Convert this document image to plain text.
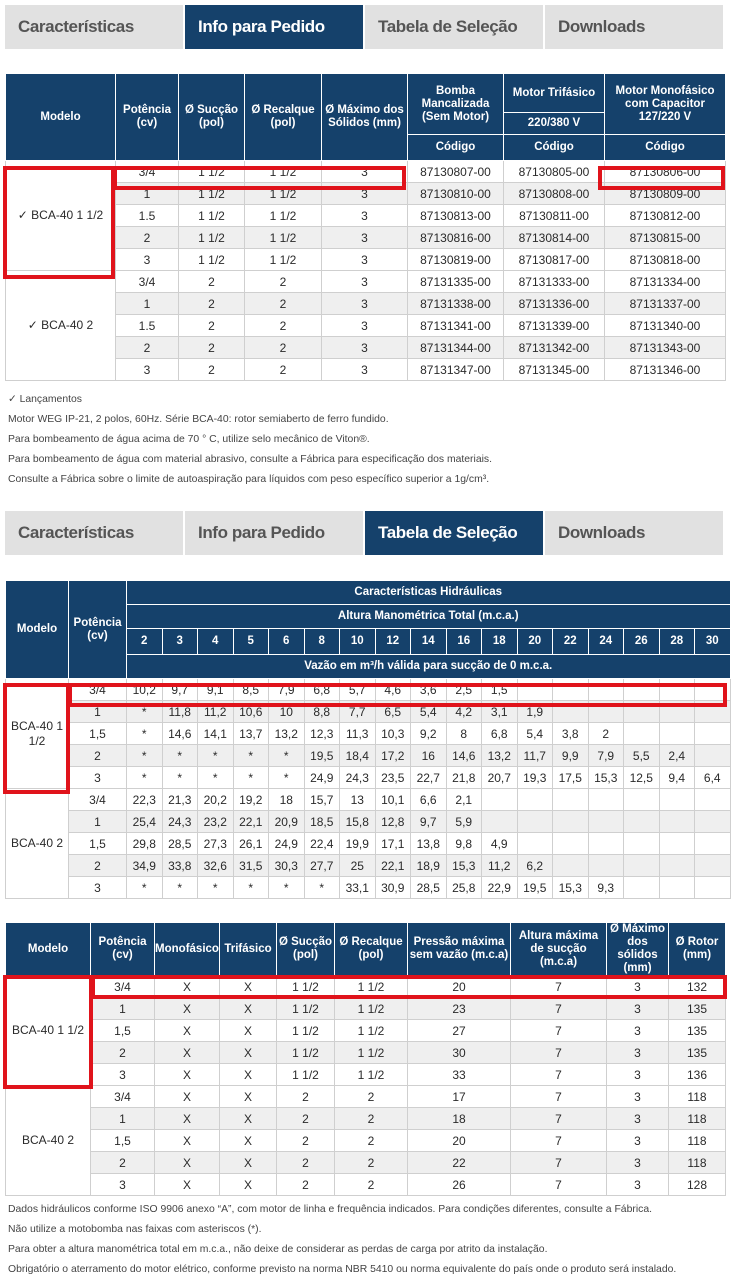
Características	Info para Pedido	Tabela de Seleção	Downloads
Modelo	Potência (cv)	Ø Sucção (pol)	Ø Recalque (pol)	Ø Máximo dos Sólidos (mm)	Bomba Mancalizada (Sem Motor)	Motor Trifásico	Motor Monofásico com Capacitor 127/220 V
						220/380 V	
					Código	Código	Código
✓ BCA-40 1 1/2	3/4	1 1/2	1 1/2	3	87130807-00	87130805-00	87130806-00
	1	1 1/2	1 1/2	3	87130810-00	87130808-00	87130809-00
	1.5	1 1/2	1 1/2	3	87130813-00	87130811-00	87130812-00
	2	1 1/2	1 1/2	3	87130816-00	87130814-00	87130815-00
	3	1 1/2	1 1/2	3	87130819-00	87130817-00	87130818-00
✓ BCA-40 2	3/4	2	2	3	87131335-00	87131333-00	87131334-00
	1	2	2	3	87131338-00	87131336-00	87131337-00
	1.5	2	2	3	87131341-00	87131339-00	87131340-00
	2	2	2	3	87131344-00	87131342-00	87131343-00
	3	2	2	3	87131347-00	87131345-00	87131346-00
✓ Lançamentos
Motor WEG IP-21, 2 polos, 60Hz. Série BCA-40: rotor semiaberto de ferro fundido.
Para bombeamento de água acima de 70 ° C, utilize selo mecânico de Viton®.
Para bombeamento de água com material abrasivo, consulte a Fábrica para especificação dos materiais.
Consulte a Fábrica sobre o limite de autoaspiração para líquidos com peso específico superior a 1g/cm³.
Características	Info para Pedido	Tabela de Seleção	Downloads
Modelo	Potência (cv)	Características Hidráulicas																	
		Altura Manométrica Total (m.c.a.)																	
		2	3	4	5	6	8	10	12	14	16	18	20	22	24	26	28	30	
		Vazão em m³/h válida para sucção de 0 m.c.a.																	
BCA-40 1 1/2	3/4	10,2	9,7	9,1	8,5	7,9	6,8	5,7	4,6	3,6	2,5	1,5							
	1	*	11,8	11,2	10,6	10	8,8	7,7	6,5	5,4	4,2	3,1	1,9						
	1,5	*	14,6	14,1	13,7	13,2	12,3	11,3	10,3	9,2	8	6,8	5,4	3,8	2				
	2	*	*	*	*	*	19,5	18,4	17,2	16	14,6	13,2	11,7	9,9	7,9	5,5	2,4		
	3	*	*	*	*	*	24,9	24,3	23,5	22,7	21,8	20,7	19,3	17,5	15,3	12,5	9,4	6,4	
BCA-40 2	3/4	22,3	21,3	20,2	19,2	18	15,7	13	10,1	6,6	2,1								
	1	25,4	24,3	23,2	22,1	20,9	18,5	15,8	12,8	9,7	5,9								
	1,5	29,8	28,5	27,3	26,1	24,9	22,4	19,9	17,1	13,8	9,8	4,9							
	2	34,9	33,8	32,6	31,5	30,3	27,7	25	22,1	18,9	15,3	11,2	6,2						
	3	*	*	*	*	*	*	33,1	30,9	28,5	25,8	22,9	19,5	15,3	9,3				
Modelo	Potência (cv)	Monofásico	Trifásico	Ø Sucção (pol)	Ø Recalque (pol)	Pressão máxima sem vazão (m.c.a)	Altura máxima de sucção (m.c.a)	Ø Máximo dos sólidos (mm)	Ø Rotor (mm)
BCA-40 1 1/2	3/4	X	X	1 1/2	1 1/2	20	7	3	132
	1	X	X	1 1/2	1 1/2	23	7	3	135
	1,5	X	X	1 1/2	1 1/2	27	7	3	135
	2	X	X	1 1/2	1 1/2	30	7	3	135
	3	X	X	1 1/2	1 1/2	33	7	3	136
BCA-40 2	3/4	X	X	2	2	17	7	3	118
	1	X	X	2	2	18	7	3	118
	1,5	X	X	2	2	20	7	3	118
	2	X	X	2	2	22	7	3	118
	3	X	X	2	2	26	7	3	128
Dados hidráulicos conforme ISO 9906 anexo “A”, com motor de linha e frequência indicados. Para condições diferentes, consulte a Fábrica.
Não utilize a motobomba nas faixas com asteriscos (*).
Para obter a altura manométrica total em m.c.a., não deixe de considerar as perdas de carga por atrito da instalação.
Obrigatório o aterramento do motor elétrico, conforme previsto na norma NBR 5410 ou norma equivalente do país onde o produto será instalado.
